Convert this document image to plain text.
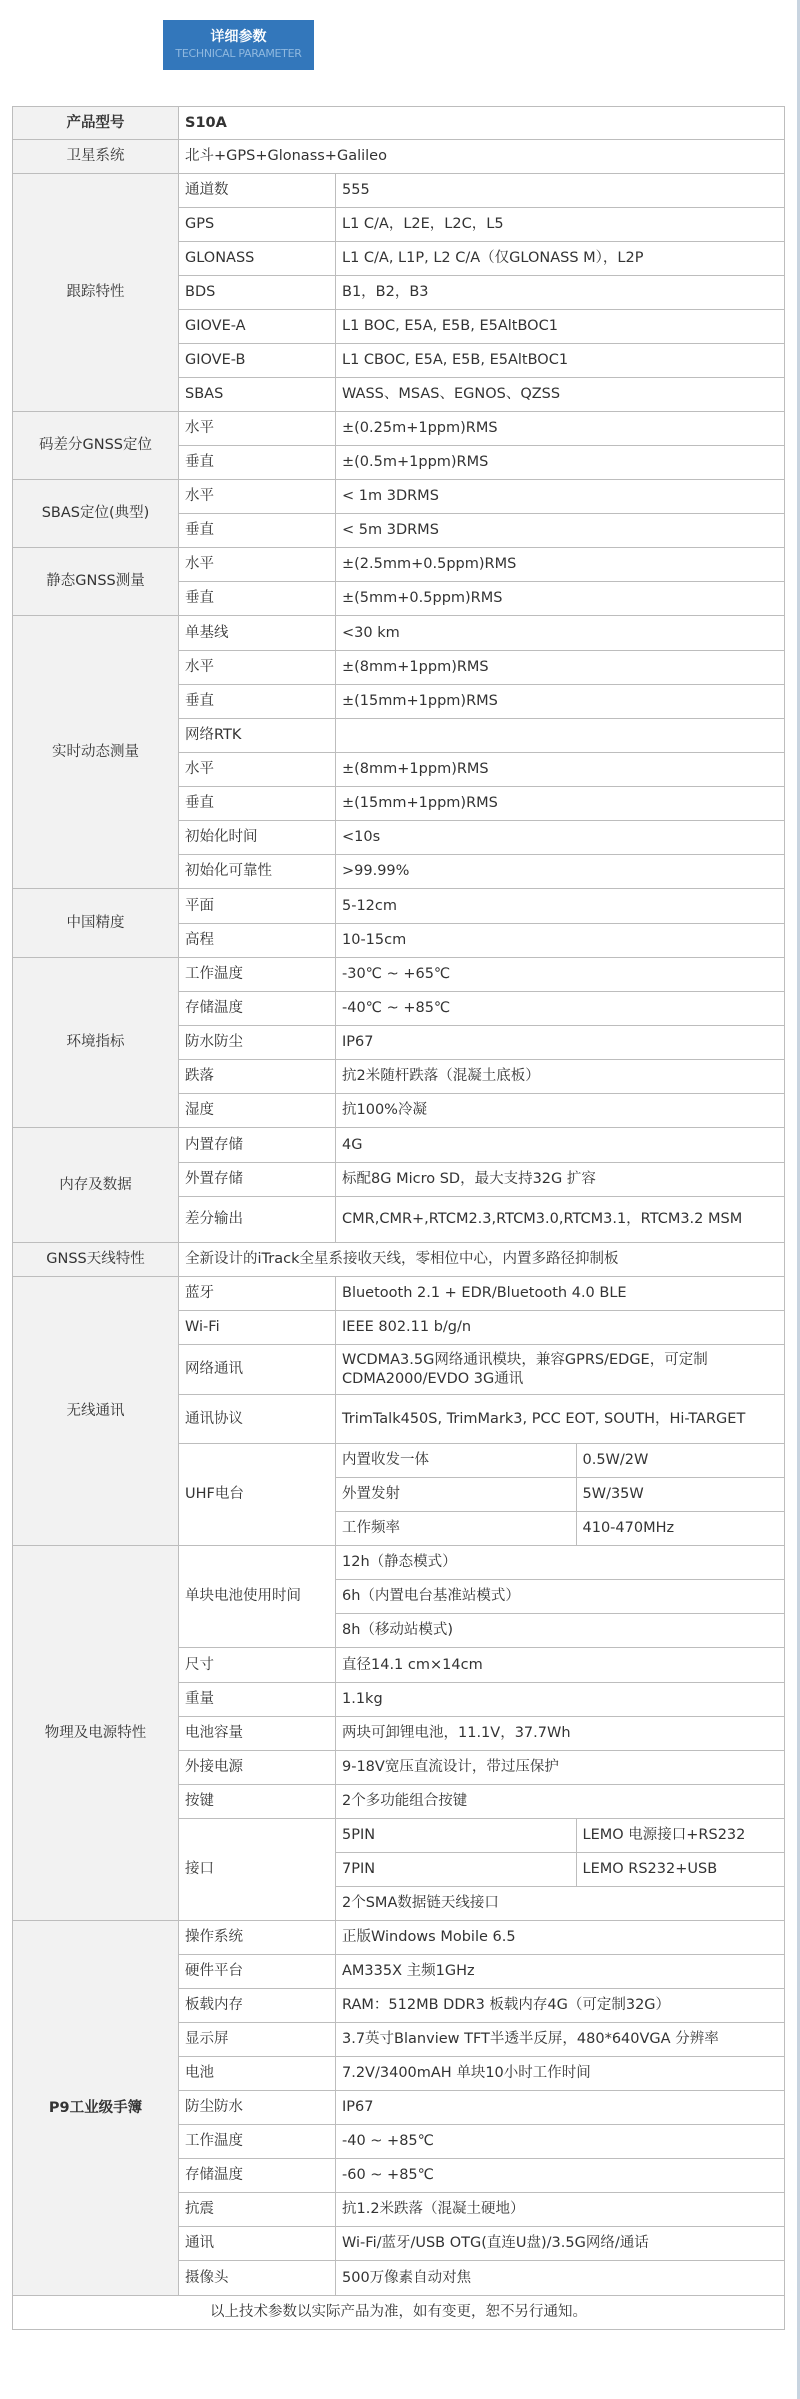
详细参数
TECHNICAL PARAMETER
产品型号	S10A
卫星系统	北斗+GPS+Glonass+Galileo
跟踪特性	通道数	555
GPS	L1 C/A，L2E，L2C，L5
GLONASS	L1 C/A, L1P, L2 C/A（仅GLONASS M），L2P
BDS	B1，B2，B3
GIOVE-A	L1 BOC, E5A, E5B, E5AltBOC1
GIOVE-B	L1 CBOC, E5A, E5B, E5AltBOC1
SBAS	WASS、MSAS、EGNOS、QZSS
码差分GNSS定位	水平	±(0.25m+1ppm)RMS
垂直	±(0.5m+1ppm)RMS
SBAS定位(典型)	水平	< 1m 3DRMS
垂直	< 5m 3DRMS
静态GNSS测量	水平	±(2.5mm+0.5ppm)RMS
垂直	±(5mm+0.5ppm)RMS
实时动态测量	单基线	<30 km
水平	±(8mm+1ppm)RMS
垂直	±(15mm+1ppm)RMS
网络RTK	
水平	±(8mm+1ppm)RMS
垂直	±(15mm+1ppm)RMS
初始化时间	<10s
初始化可靠性	>99.99%
中国精度	平面	5-12cm
高程	10-15cm
环境指标	工作温度	-30℃ ~ +65℃
存储温度	-40℃ ~ +85℃
防水防尘	IP67
跌落	抗2米随杆跌落（混凝土底板）
湿度	抗100%冷凝
内存及数据	内置存储	4G
外置存储	标配8G Micro SD，最大支持32G 扩容
差分输出	CMR,CMR+,RTCM2.3,RTCM3.0,RTCM3.1，RTCM3.2 MSM
GNSS天线特性	全新设计的iTrack全星系接收天线，零相位中心，内置多路径抑制板
无线通讯	蓝牙	Bluetooth 2.1 + EDR/Bluetooth 4.0 BLE
Wi-Fi	IEEE 802.11 b/g/n
网络通讯	WCDMA3.5G网络通讯模块，兼容GPRS/EDGE，可定制CDMA2000/EVDO 3G通讯
通讯协议	TrimTalk450S, TrimMark3, PCC EOT, SOUTH，Hi-TARGET
UHF电台	
内置收发一体	0.5W/2W
外置发射	5W/35W
工作频率	410-470MHz

物理及电源特性	单块电池使用时间	12h（静态模式）
6h（内置电台基准站模式）
8h（移动站模式)
尺寸	直径14.1 cm×14cm
重量	1.1kg
电池容量	两块可卸锂电池，11.1V，37.7Wh
外接电源	9-18V宽压直流设计，带过压保护
按键	2个多功能组合按键
接口	
5PIN	LEMO 电源接口+RS232

7PIN	LEMO RS232+USB

2个SMA数据链天线接口
P9工业级手簿	操作系统	正版Windows Mobile 6.5
硬件平台	AM335X 主频1GHz
板载内存	RAM：512MB DDR3 板载内存4G（可定制32G）
显示屏	3.7英寸Blanview TFT半透半反屏，480*640VGA 分辨率
电池	7.2V/3400mAH 单块10小时工作时间
防尘防水	IP67
工作温度	-40 ~ +85℃
存储温度	-60 ~ +85℃
抗震	抗1.2米跌落（混凝土硬地）
通讯	Wi-Fi/蓝牙/USB OTG(直连U盘)/3.5G网络/通话
摄像头	500万像素自动对焦
以上技术参数以实际产品为准，如有变更，恕不另行通知。
